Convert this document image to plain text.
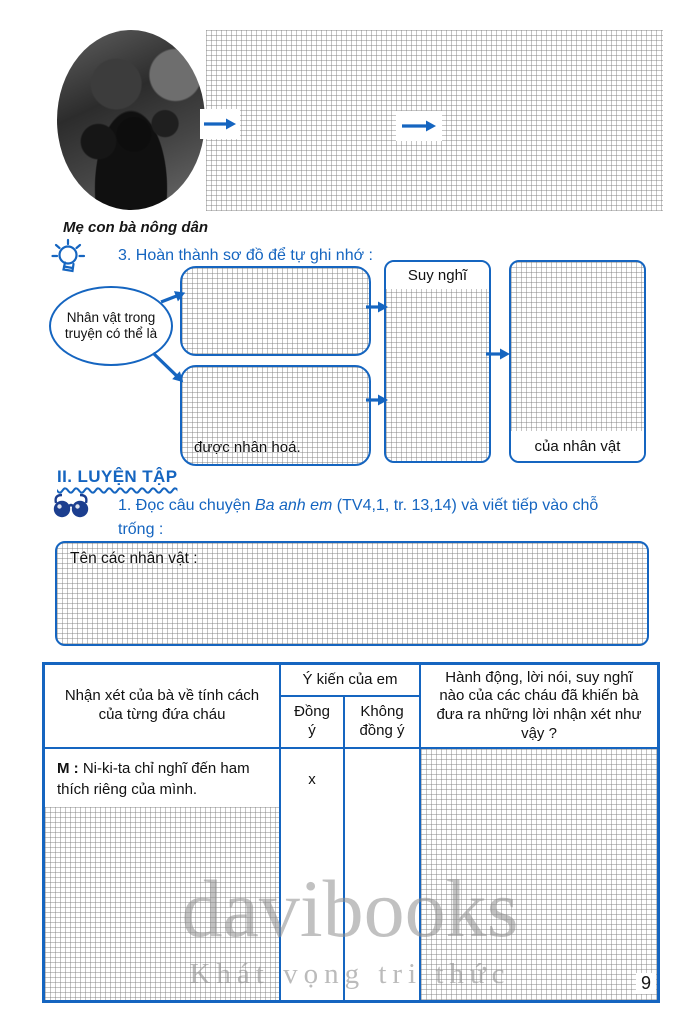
Mẹ con bà nông dân
3. Hoàn thành sơ đồ để tự ghi nhớ :
Nhân vật trong truyện có thể là
được nhân hoá.
Suy nghĩ
của nhân vật
II. LUYỆN TẬP
1. Đọc câu chuyện Ba anh em (TV4,1, tr. 13,14) và viết tiếp vào chỗ trống :
Tên các nhân vật :
Nhận xét của bà về tính cách của từng đứa cháu
Ý kiến của em
Đồng ý
Không đồng ý
Hành động, lời nói, suy nghĩ nào của các cháu đã khiến bà đưa ra những lời nhận xét như vậy ?
M : Ni-ki-ta chỉ nghĩ đến ham thích riêng của mình.
x
davibooks
Khát vọng tri thức	9
